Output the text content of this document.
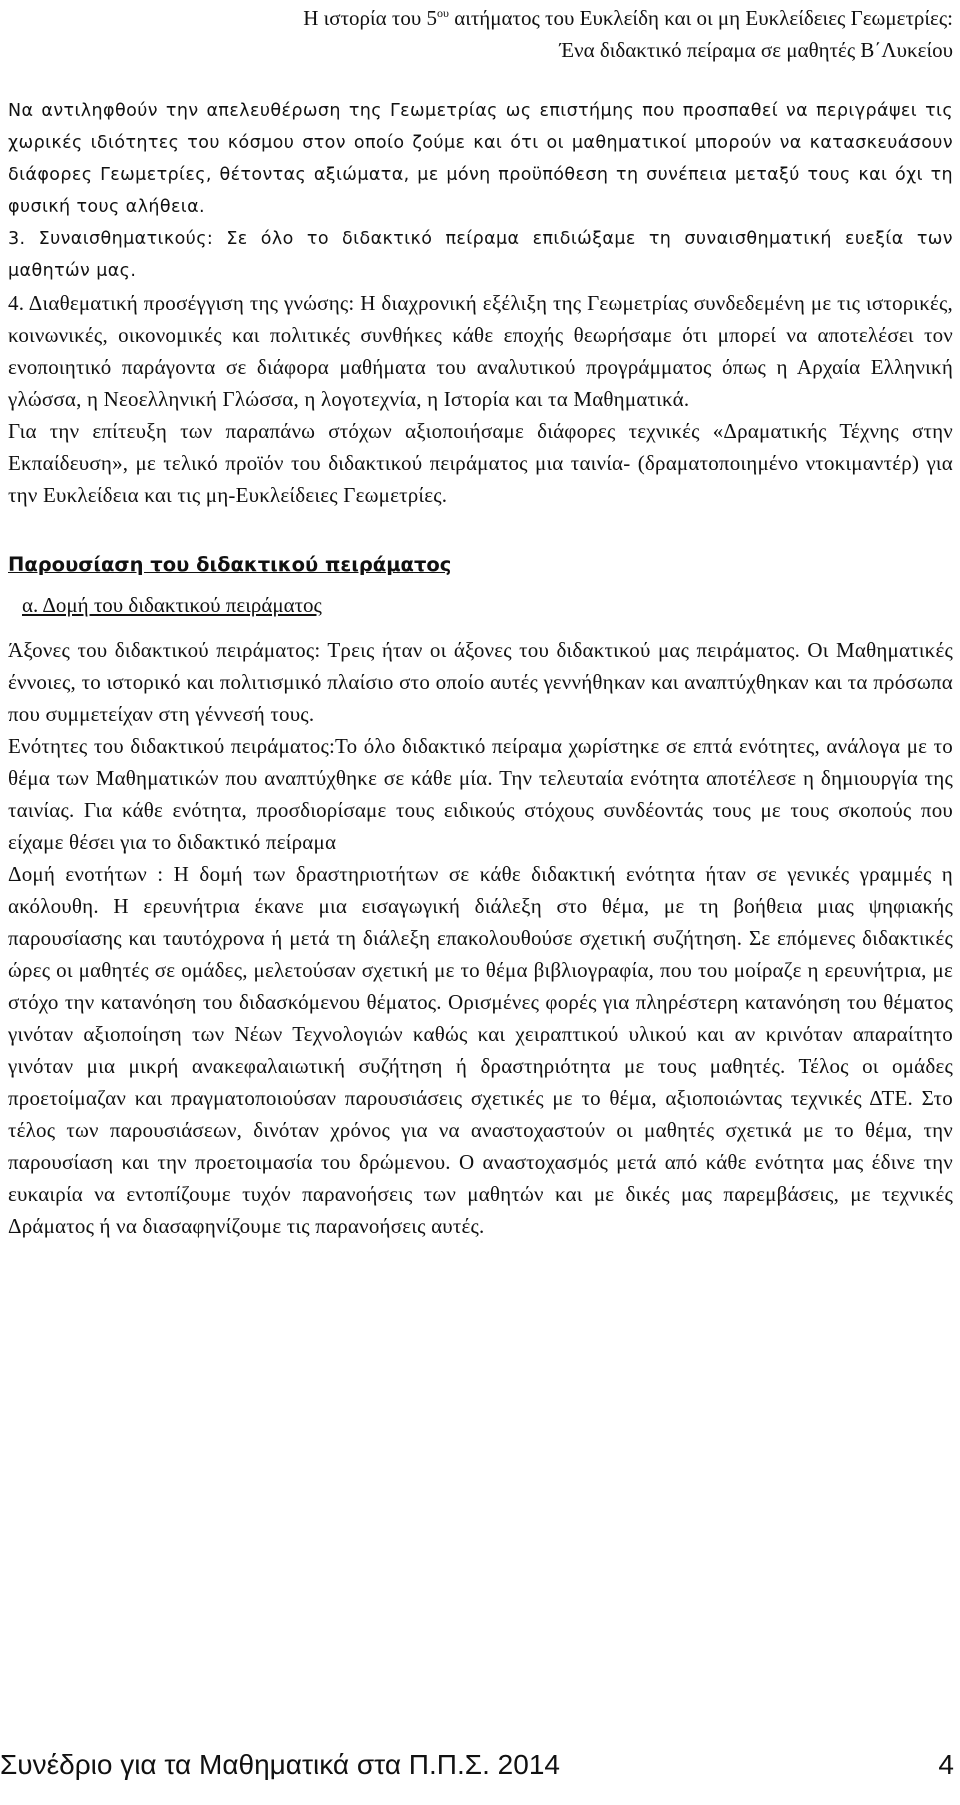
Η ιστορία του $5^{o\upsilon}$ αιτήματος του Ευκλείδη και οι μη Ευκλείδειες Γεωμετρίες:
Ένα διδακτικό πείραμα σε μαθητές Β΄Λυκείου

Να αντιληφθούν την απελευθέρωση της Γεωμετρίας ως επιστήμης που προσπαθεί να περιγράψει τις χωρικές ιδιότητες του κόσμου στον οποίο ζούμε και ότι οι μαθηματικοί μπορούν να κατασκευάσουν διάφορες Γεωμετρίες, θέτοντας αξιώματα, με μόνη προϋπόθεση τη συνέπεια μεταξύ τους και όχι τη φυσική τους αλήθεια.

3. Συναισθηματικούς: Σε όλο το διδακτικό πείραμα επιδιώξαμε τη συναισθηματική ευεξία των μαθητών μας.

4. Διαθεματική προσέγγιση της γνώσης: Η διαχρονική εξέλιξη της Γεωμετρίας συνδεδεμένη με τις ιστορικές, κοινωνικές, οικονομικές και πολιτικές συνθήκες κάθε εποχής θεωρήσαμε ότι μπορεί να αποτελέσει τον ενοποιητικό παράγοντα σε διάφορα μαθήματα του αναλυτικού προγράμματος όπως η Αρχαία Ελληνική γλώσσα, η Νεοελληνική Γλώσσα, η λογοτεχνία, η Ιστορία και τα Μαθηματικά.

Για την επίτευξη των παραπάνω στόχων αξιοποιήσαμε διάφορες τεχνικές «Δραματικής Τέχνης στην Εκπαίδευση», με τελικό προϊόν του διδακτικού πειράματος μια ταινία- (δραματοποιημένο ντοκιμαντέρ) για την Ευκλείδεια και τις μη-Ευκλείδειες Γεωμετρίες.

Παρουσίαση του διδακτικού πειράματος
α. Δομή του διδακτικού πειράματος

Άξονες του διδακτικού πειράματος: Τρεις ήταν οι άξονες του διδακτικού μας πειράματος. Οι Μαθηματικές έννοιες, το ιστορικό και πολιτισμικό πλαίσιο στο οποίο αυτές γεννήθηκαν και αναπτύχθηκαν και τα πρόσωπα που συμμετείχαν στη γέννεσή τους.

Ενότητες του διδακτικού πειράματος:Το όλο διδακτικό πείραμα χωρίστηκε σε επτά ενότητες, ανάλογα με το θέμα των Μαθηματικών που αναπτύχθηκε σε κάθε μία. Την τελευταία ενότητα αποτέλεσε η δημιουργία της ταινίας. Για κάθε ενότητα, προσδιορίσαμε τους ειδικούς στόχους συνδέοντάς τους με τους σκοπούς που είχαμε θέσει για το διδακτικό πείραμα

Δομή ενοτήτων : Η δομή των δραστηριοτήτων σε κάθε διδακτική ενότητα ήταν σε γενικές γραμμές η ακόλουθη. Η ερευνήτρια έκανε μια εισαγωγική διάλεξη στο θέμα, με τη βοήθεια μιας ψηφιακής παρουσίασης και ταυτόχρονα ή μετά τη διάλεξη επακολουθούσε σχετική συζήτηση. Σε επόμενες διδακτικές ώρες οι μαθητές σε ομάδες, μελετούσαν σχετική με το θέμα βιβλιογραφία, που του μοίραζε η ερευνήτρια, με στόχο την κατανόηση του διδασκόμενου θέματος. Ορισμένες φορές για πληρέστερη κατανόηση του θέματος γινόταν αξιοποίηση των Νέων Τεχνολογιών καθώς και χειραπτικού υλικού και αν κρινόταν απαραίτητο γινόταν μια μικρή ανακεφαλαιωτική συζήτηση ή δραστηριότητα με τους μαθητές. Τέλος οι ομάδες προετοίμαζαν και πραγματοποιούσαν παρουσιάσεις σχετικές με το θέμα, αξιοποιώντας τεχνικές ΔΤΕ. Στο τέλος των παρουσιάσεων, δινόταν χρόνος για να αναστοχαστούν οι μαθητές σχετικά με το θέμα, την παρουσίαση και την προετοιμασία του δρώμενου. Ο αναστοχασμός μετά από κάθε ενότητα μας έδινε την ευκαιρία να εντοπίζουμε τυχόν παρανοήσεις των μαθητών και με δικές μας παρεμβάσεις, με τεχνικές Δράματος ή να διασαφηνίζουμε τις παρανοήσεις αυτές.

Συνέδριο για τα Μαθηματικά στα Π.Π.Σ. 2014	4
